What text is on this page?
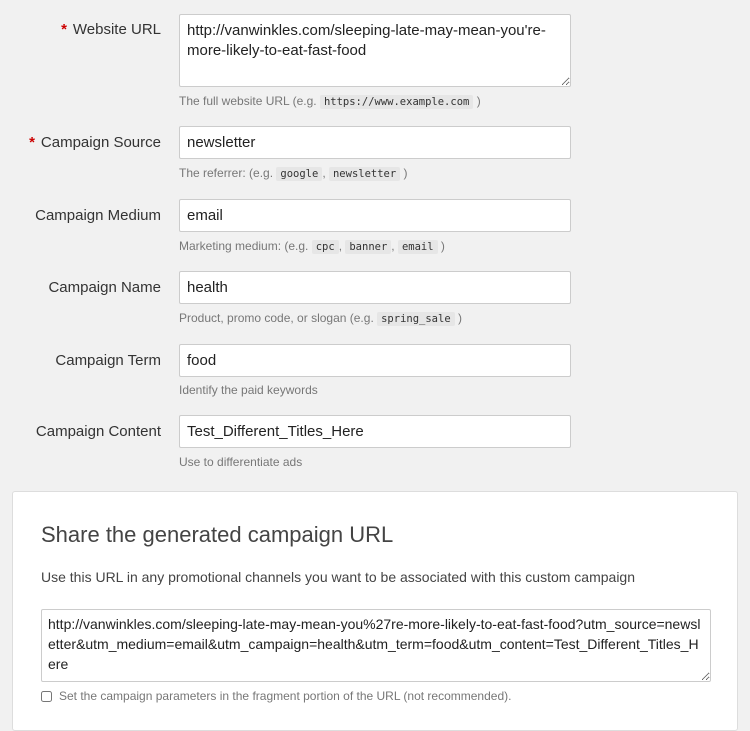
* Website URL
http://vanwinkles.com/sleeping-late-may-mean-you're-more-likely-to-eat-fast-food
The full website URL (e.g. https://www.example.com )
* Campaign Source
newsletter
The referrer: (e.g. google , newsletter )
Campaign Medium
email
Marketing medium: (e.g. cpc , banner , email )
Campaign Name
health
Product, promo code, or slogan (e.g. spring_sale )
Campaign Term
food
Identify the paid keywords
Campaign Content
Test_Different_Titles_Here
Use to differentiate ads
Share the generated campaign URL
Use this URL in any promotional channels you want to be associated with this custom campaign
http://vanwinkles.com/sleeping-late-may-mean-you%27re-more-likely-to-eat-fast-food?utm_source=newsletter&utm_medium=email&utm_campaign=health&utm_term=food&utm_content=Test_Different_Titles_Here
Set the campaign parameters in the fragment portion of the URL (not recommended).
